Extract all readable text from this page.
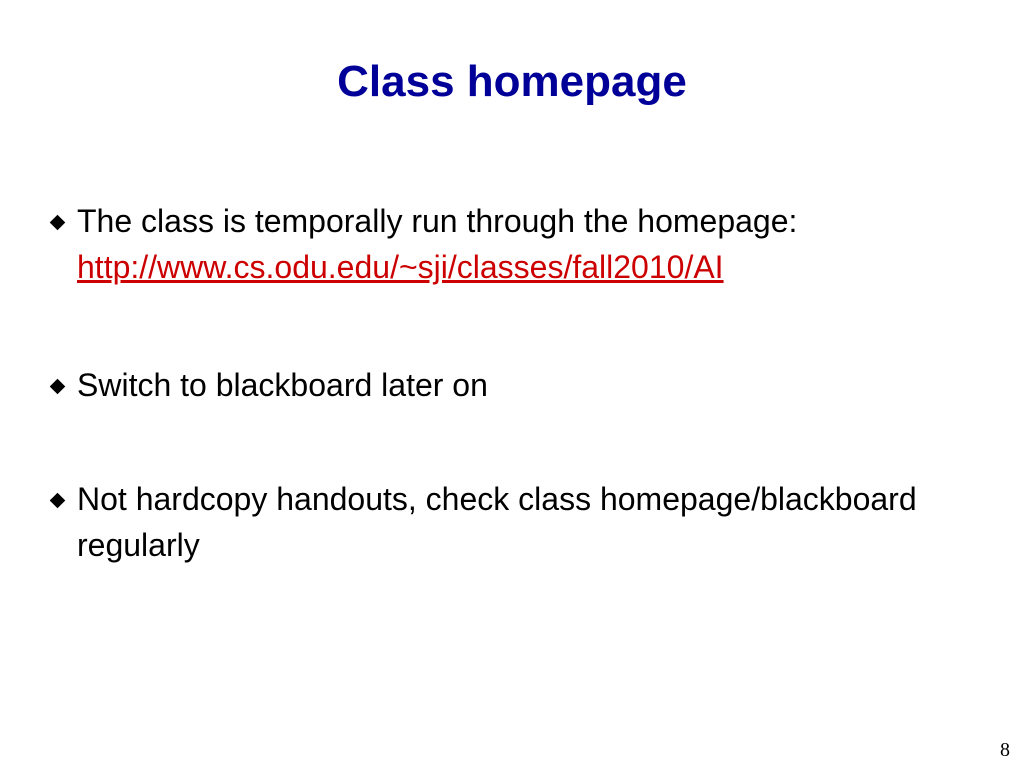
Class homepage
The class is temporally run through the homepage:
http://www.cs.odu.edu/~sji/classes/fall2010/AI
Switch to blackboard later on
Not hardcopy handouts, check class homepage/blackboard regularly
8
